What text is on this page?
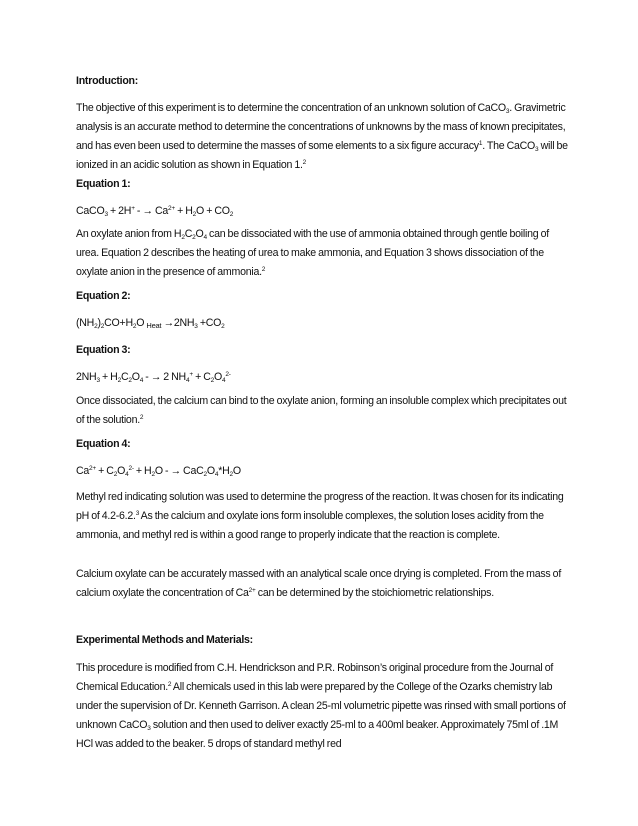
Introduction:
The objective of this experiment is to determine the concentration of an unknown solution of CaCO$_3$. Gravimetric analysis is an accurate method to determine the concentrations of unknowns by the mass of known precipitates, and has even been used to determine the masses of some elements to a six figure accuracy$^1$. The CaCO$_3$ will be ionized in an acidic solution as shown in Equation 1.$^2$
Equation 1:
CaCO$_3$ + 2H+ - → $Ca^{2+} + H_2O + CO_2$
An oxylate anion from $H_2C_2O_4$ can be dissociated with the use of ammonia obtained through gentle boiling of urea. Equation 2 describes the heating of urea to make ammonia, and Equation 3 shows dissociation of the oxylate anion in the presence of ammonia.$^2$
Equation 2:
$(NH_2)_2CO+H_2O$ $_{Heat} \to 2NH_3 +CO_2$
Equation 3:
$2NH_3 + H_2C_2O_4$ - → 2 $NH_4^+ + C_2O_4^{2-}$
Once dissociated, the calcium can bind to the oxylate anion, forming an insoluble complex which precipitates out of the solution.$^2$
Equation 4:
$Ca^{2+} + C_2O_4^{2-} + H_2O$ - → $CaC_2O_4*H_2O$
Methyl red indicating solution was used to determine the progress of the reaction. It was chosen for its indicating pH of 4.2-6.2.$^3$ As the calcium and oxylate ions form insoluble complexes, the solution loses acidity from the ammonia, and methyl red is within a good range to properly indicate that the reaction is complete.
Calcium oxylate can be accurately massed with an analytical scale once drying is completed. From the mass of calcium oxylate the concentration of $Ca^{2+}$ can be determined by the stoichiometric relationships.
Experimental Methods and Materials:
This procedure is modified from C.H. Hendrickson and P.R. Robinson’s original procedure from the Journal of Chemical Education.$^2$ All chemicals used in this lab were prepared by the College of the Ozarks chemistry lab under the supervision of Dr. Kenneth Garrison. A clean 25-ml volumetric pipette was rinsed with small portions of unknown CaCO$_3$ solution and then used to deliver exactly 25-ml to a 400ml beaker. Approximately 75ml of .1M HCl was added to the beaker. 5 drops of standard methyl red
